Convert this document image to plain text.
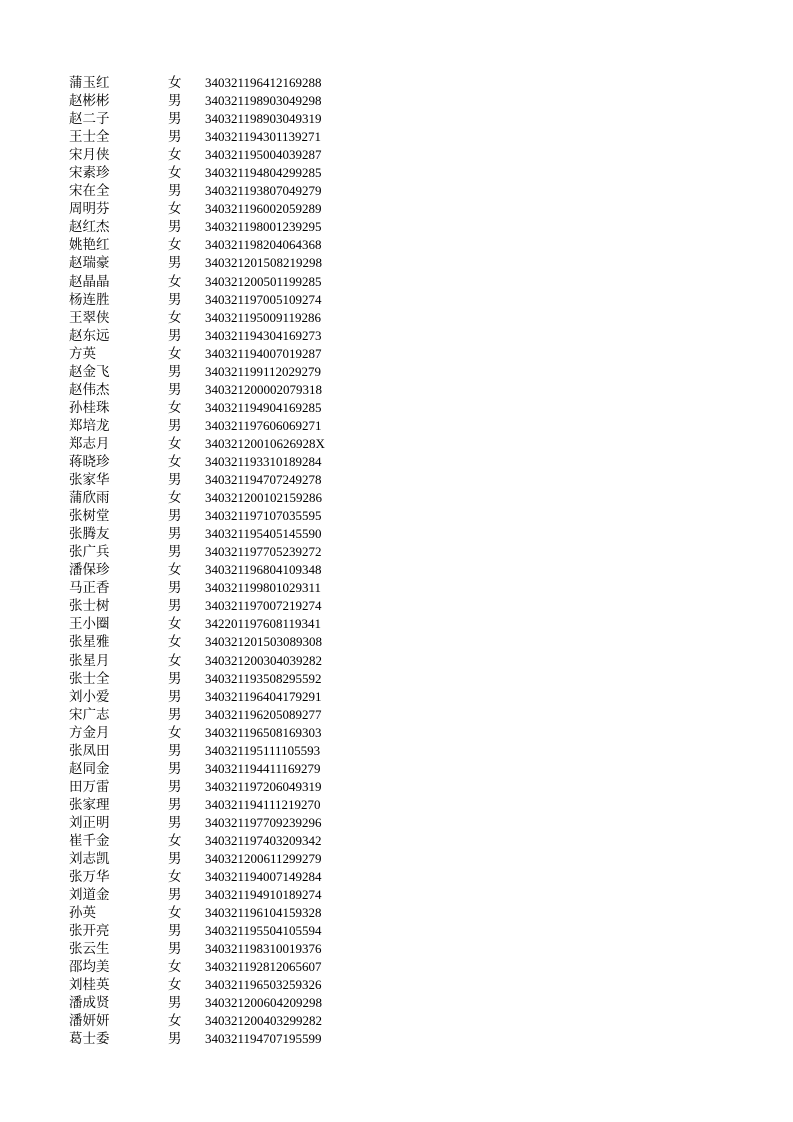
蒲玉红	女 340321196412169288
赵彬彬	男 340321198903049298
赵二子	男 340321198903049319
王士全	男 340321194301139271
宋月侠	女 340321195004039287
宋素珍	女 340321194804299285
宋在全	男 340321193807049279
周明芬	女 340321196002059289
赵红杰	男 340321198001239295
姚艳红	女 340321198204064368
赵瑞豪	男 340321201508219298
赵晶晶	女 340321200501199285
杨连胜	男 340321197005109274
王翠侠	女 340321195009119286
赵东远	男 340321194304169273
方英	女 340321194007019287
赵金飞	男 340321199112029279
赵伟杰	男 340321200002079318
孙桂珠	女 340321194904169285
郑培龙	男 340321197606069271
郑志月	女 34032120010626928X
蒋晓珍	女 340321193310189284
张家华	男 340321194707249278
蒲欣雨	女 340321200102159286
张树堂	男 340321197107035595
张腾友	男 340321195405145590
张广兵	男 340321197705239272
潘保珍	女 340321196804109348
马正香	男 340321199801029311
张士树	男 340321197007219274
王小圈	女 342201197608119341
张星雅	女 340321201503089308
张星月	女 340321200304039282
张士全	男 340321193508295592
刘小爱	男 340321196404179291
宋广志	男 340321196205089277
方金月	女 340321196508169303
张凤田	男 340321195111105593
赵同金	男 340321194411169279
田万雷	男 340321197206049319
张家理	男 340321194111219270
刘正明	男 340321197709239296
崔千金	女 340321197403209342
刘志凯	男 340321200611299279
张万华	女 340321194007149284
刘道金	男 340321194910189274
孙英	女 340321196104159328
张开亮	男 340321195504105594
张云生	男 340321198310019376
邵均美	女 340321192812065607
刘桂英	女 340321196503259326
潘成贤	男 340321200604209298
潘妍妍	女 340321200403299282
葛士委	男 340321194707195599
